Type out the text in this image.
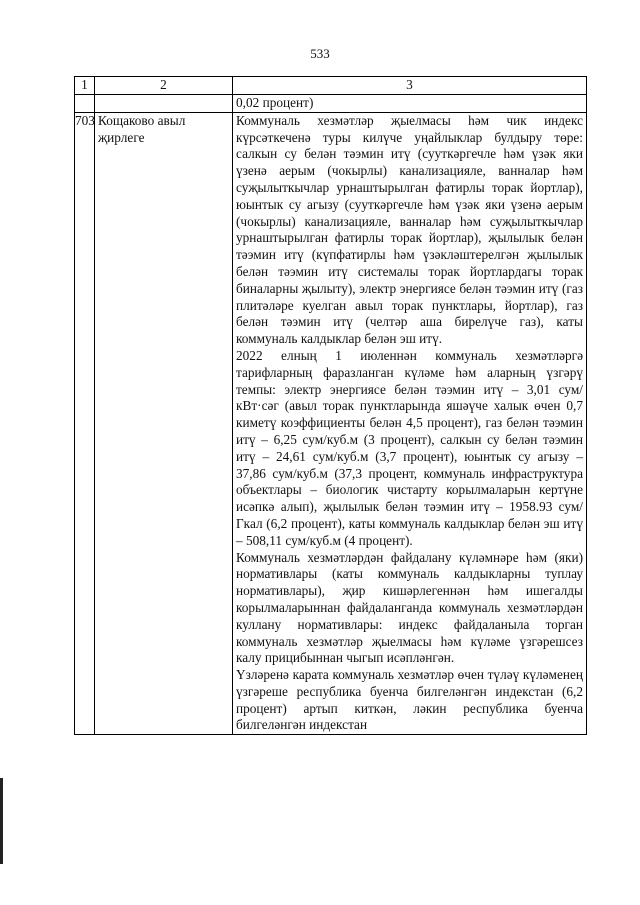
533
1	2	3
		0,02 процент)
703	Кощаково авыл җирлеге	Коммуналь хезмәтләр җыелмасы һәм чик индекс күрсәткеченә туры килүче уңайлыклар булдыру төре: салкын су белән тәэмин итү (сууткәргечле һәм үзәк яки үзенә аерым (чокырлы) канализацияле, ванналар һәм суҗылыткычлар урнаштырылган фатирлы торак йортлар), юынтык су агызу (сууткәргечле һәм үзәк яки үзенә аерым (чокырлы) канализацияле, ванналар һәм суҗылыткычлар урнаштырылган фатирлы торак йортлар), җылылык белән тәэмин итү (күпфатирлы һәм үзәкләштерелгән җылылык белән тәэмин итү системалы торак йортлардагы торак биналарны җылыту), электр энергиясе белән тәэмин итү (газ плитәләре куелган авыл торак пунктлары, йортлар), газ белән тәэмин итү (челтәр аша бирелүче газ), каты коммуналь калдыклар белән эш итү.
2022 елның 1 июленнән коммуналь хезмәтләргә тарифларның фаразланган күләме һәм аларның үзгәрү темпы: электр энергиясе белән тәэмин итү – 3,01 сум/кВт·сәг (авыл торак пунктларында яшәүче халык өчен 0,7 киметү коэффициенты белән 4,5 процент), газ белән тәэмин итү – 6,25 сум/куб.м (3 процент), салкын су белән тәэмин итү – 24,61 сум/куб.м (3,7 процент), юынтык су агызу – 37,86 сум/куб.м (37,3 процент, коммуналь инфраструктура объектлары – биологик чистарту корылмаларын кертүне исәпкә алып), җылылык белән тәэмин итү – 1958.93 сум/Гкал (6,2 процент), каты коммуналь калдыклар белән эш итү – 508,11 сум/куб.м (4 процент).
Коммуналь хезмәтләрдән файдалану күләмнәре һәм (яки) нормативлары (каты коммуналь калдыкларны туплау нормативлары), җир кишәрлегеннән һәм ишегалды корылмаларыннан файдаланганда коммуналь хезмәтләрдән куллану нормативлары: индекс файдаланыла торган коммуналь хезмәтләр җыелмасы һәм күләме үзгәрешсез калу прицибыннан чыгып исәпләнгән.
Үзләренә карата коммуналь хезмәтләр өчен түләү күләменең үзгәреше республика буенча билгеләнгән индекстан (6,2 процент) артып киткән, ләкин республика буенча билгеләнгән индекстан
